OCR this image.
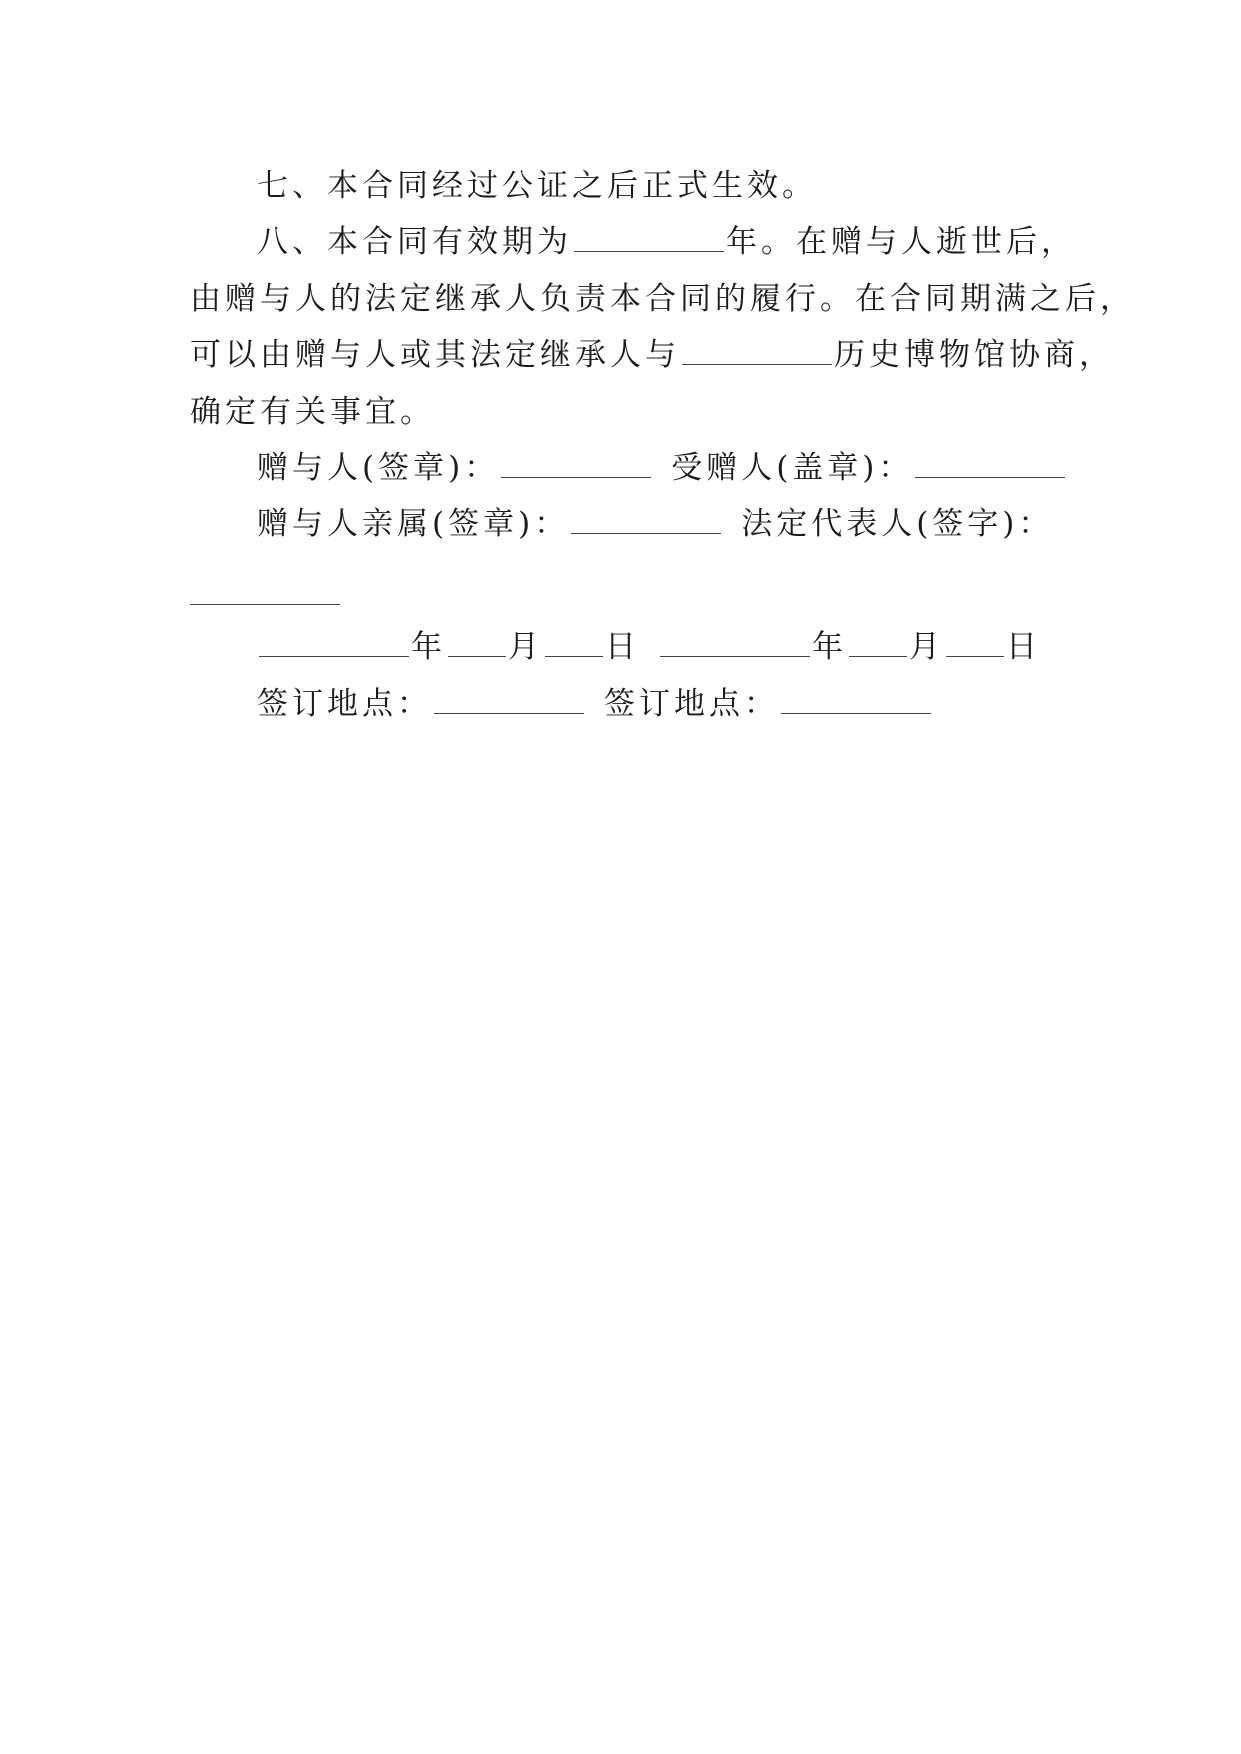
七、本合同经过公证之后正式生效。
八、本合同有效期为	年。在赠与人逝世后，
由赠与人的法定继承人负责本合同的履行。在合同期满之后，
可以由赠与人或其法定继承人与	历史博物馆协商，
确定有关事宜。
赠与人(签章)：	受赠人(盖章)：
赠与人亲属(签章)：	法定代表人(签字)：
年 月 日	年 月 日
签订地点：	签订地点：
